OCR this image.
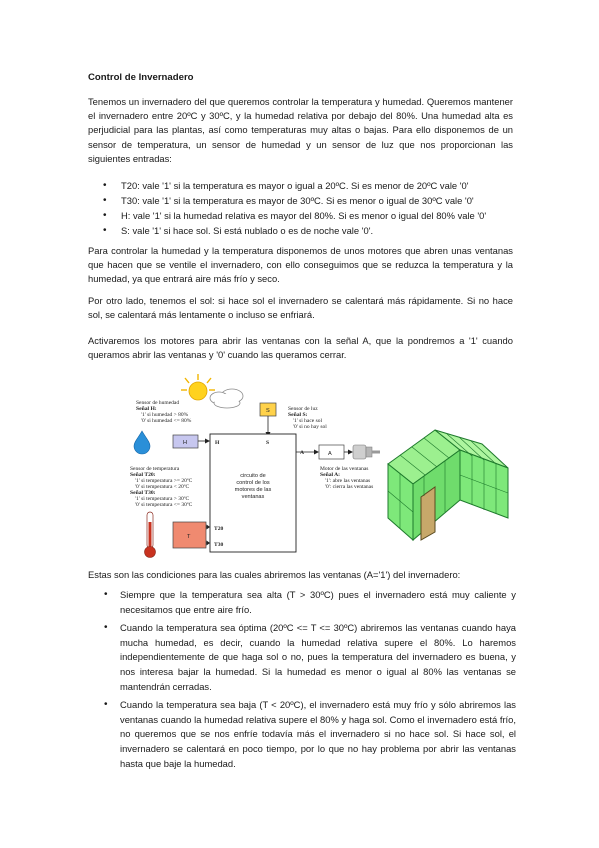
Control de Invernadero
Tenemos un invernadero del que queremos controlar la temperatura y humedad. Queremos mantener el invernadero entre 20ºC y 30ºC, y la humedad relativa por debajo del 80%. Una humedad alta es perjudicial para las plantas, así como temperaturas muy altas o bajas. Para ello disponemos de un sensor de temperatura, un sensor de humedad y un sensor de luz que nos proporcionan las siguientes entradas:
• T20: vale '1' si la temperatura es mayor o igual a 20ºC. Si es menor de 20ºC vale '0'
• T30: vale '1' si la temperatura es mayor de 30ºC. Si es menor o igual de 30ºC vale '0'
• H: vale '1' si la humedad relativa es mayor del 80%. Si es menor o igual del 80% vale '0'
• S: vale '1' si hace sol. Si está nublado o es de noche vale '0'.
Para controlar la humedad y la temperatura disponemos de unos motores que abren unas ventanas que hacen que se ventile el invernadero, con ello conseguimos que se reduzca la temperatura y la humedad, ya que entrará aire más frío y seco.
Por otro lado, tenemos el sol: si hace sol el invernadero se calentará más rápidamente. Si no hace sol, se calentará más lentamente o incluso se enfriará.
Activaremos los motores para abrir las ventanas con la señal A, que la pondremos a '1' cuando queramos abrir las ventanas y '0' cuando las queramos cerrar.
S	Sensor de luz
Señal S:
'1' si hace sol
'0' si no hay sol
Sensor de humedad
Señal H:
'1' si humedad > 80%
'0' si humedad <= 80%
H	H	S
A
T20
T30
circuito de
control de los
motores de las
ventanas
A
Motor de las ventanas
Señal A:
'1': abre las ventanas
'0': cierra las ventanas
Sensor de temperatura
Señal T20:
'1' si temperatura >= 20ºC
'0' si temperatura < 20ºC
Señal T30:
'1' si temperatura > 30ºC
'0' si temperatura <= 30ºC
T
Estas son las condiciones para las cuales abriremos las ventanas (A='1') del invernadero:
• Siempre que la temperatura sea alta (T > 30ºC) pues el invernadero está muy caliente y necesitamos que entre aire frío.
• Cuando la temperatura sea óptima (20ºC <= T <= 30ºC) abriremos las ventanas cuando haya mucha humedad, es decir, cuando la humedad relativa supere el 80%. Lo haremos independientemente de que haga sol o no, pues la temperatura del invernadero es buena, y nos interesa bajar la humedad. Si la humedad es menor o igual al 80% las ventanas se mantendrán cerradas.
• Cuando la temperatura sea baja (T < 20ºC), el invernadero está muy frío y sólo abriremos las ventanas cuando la humedad relativa supere el 80% y haga sol. Como el invernadero está frío, no queremos que se nos enfríe todavía más el invernadero si no hace sol. Si hace sol, el invernadero se calentará en poco tiempo, por lo que no hay problema por abrir las ventanas hasta que baje la humedad.
